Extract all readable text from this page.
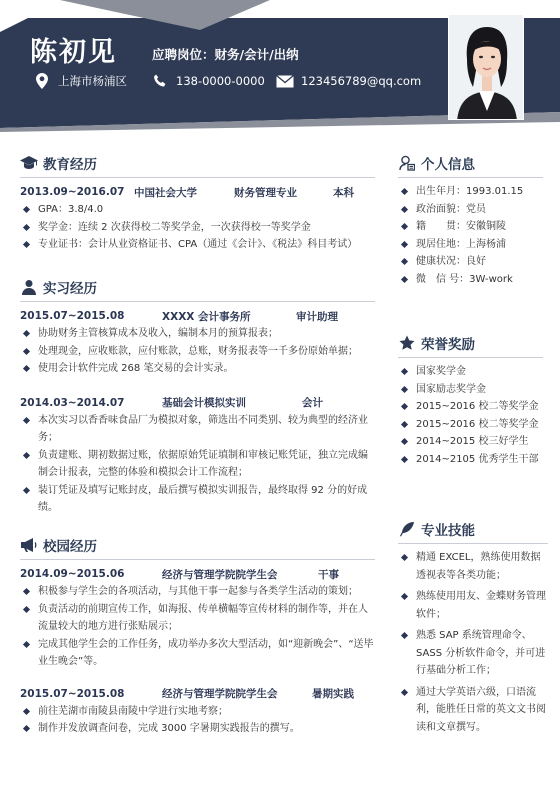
陈初见	应聘岗位：财务/会计/出纳
上海市杨浦区	138-0000-0000	123456789@qq.com
教育经历
2013.09~2016.07 中国社会大学	财务管理专业	本科
GPA：3.8/4.0
奖学金：连续 2 次获得校二等奖学金，一次获得校一等奖学金
专业证书：会计从业资格证书、CPA（通过《会计》、《税法》科目考试）
实习经历
2015.07~2015.08	XXXX 会计事务所	审计助理
协助财务主管核算成本及收入，编制本月的预算报表；
处理现金，应收账款，应付账款，总账，财务报表等一千多份原始单据；
使用会计软件完成 268 笔交易的会计实录。
2014.03~2014.07	基础会计模拟实训	会计
本次实习以香香味食品厂为模拟对象，筛选出不同类别、较为典型的经济业务；
负责建账、期初数据过账，依据原始凭证填制和审核记账凭证，独立完成编制会计报表，完整的体验和模拟会计工作流程；
装订凭证及填写记账封皮，最后撰写模拟实训报告，最终取得 92 分的好成绩。
校园经历
2014.09~2015.06	经济与管理学院院学生会	干事
积极参与学生会的各项活动，与其他干事一起参与各类学生活动的策划；
负责活动的前期宣传工作，如海报、传单横幅等宣传材料的制作等，并在人流量较大的地方进行张贴展示；
完成其他学生会的工作任务，成功举办多次大型活动，如“迎新晚会”、“送毕业生晚会”等。
2015.07~2015.08	经济与管理学院院学生会	暑期实践
前往芜湖市南陵县南陵中学进行实地考察；
制作并发放调查问卷，完成 3000 字暑期实践报告的撰写。
个人信息
出生年月：1993.01.15
政治面貌：党员
籍　　贯：安徽铜陵
现居住地：上海杨浦
健康状况：良好
微　信 号：3W-work
荣誉奖励
国家奖学金
国家励志奖学金
2015~2016 校二等奖学金
2015~2016 校二等奖学金
2014~2015 校三好学生
2014~2105 优秀学生干部
专业技能
精通 EXCEL，熟练使用数据透视表等各类功能；
熟练使用用友、金蝶财务管理软件；
熟悉 SAP 系统管理命令、SASS 分析软件命令，并可进行基础分析工作；
通过大学英语六级，口语流利，能胜任日常的英文文书阅读和文章撰写。
